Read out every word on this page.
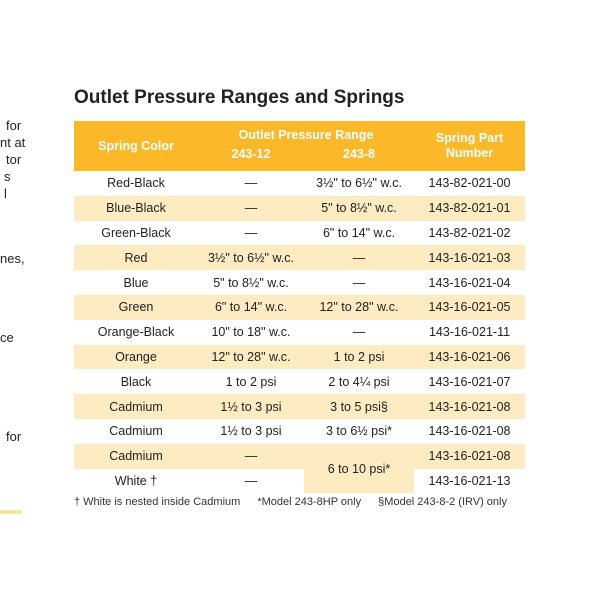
for
nt at
tor
s
l
nes,
ce
for
Outlet Pressure Ranges and Springs
Spring Color	Outlet Pressure Range		Spring Part
Number

	243-12	243-8	
Red-Black	—	3½" to 6½" w.c.	143-82-021-00
Blue-Black	—	5" to 8½" w.c.	143-82-021-01
Green-Black	—	6" to 14" w.c.	143-82-021-02
Red	3½" to 6½" w.c.	—	143-16-021-03
Blue	5" to 8½" w.c.	—	143-16-021-04
Green	6" to 14" w.c.	12" to 28" w.c.	143-16-021-05
Orange-Black	10" to 18" w.c.	—	143-16-021-11
Orange	12" to 28" w.c.	1 to 2 psi	143-16-021-06
Black	1 to 2 psi	2 to 4¼ psi	143-16-021-07
Cadmium	1½ to 3 psi	3 to 5 psi§	143-16-021-08
Cadmium	1½ to 3 psi	3 to 6½ psi*	143-16-021-08
Cadmium	—	6 to 10 psi*	143-16-021-08
White †	—		143-16-021-13
† White is nested inside Cadmium *Model 243-8HP only §Model 243-8-2 (IRV) only
